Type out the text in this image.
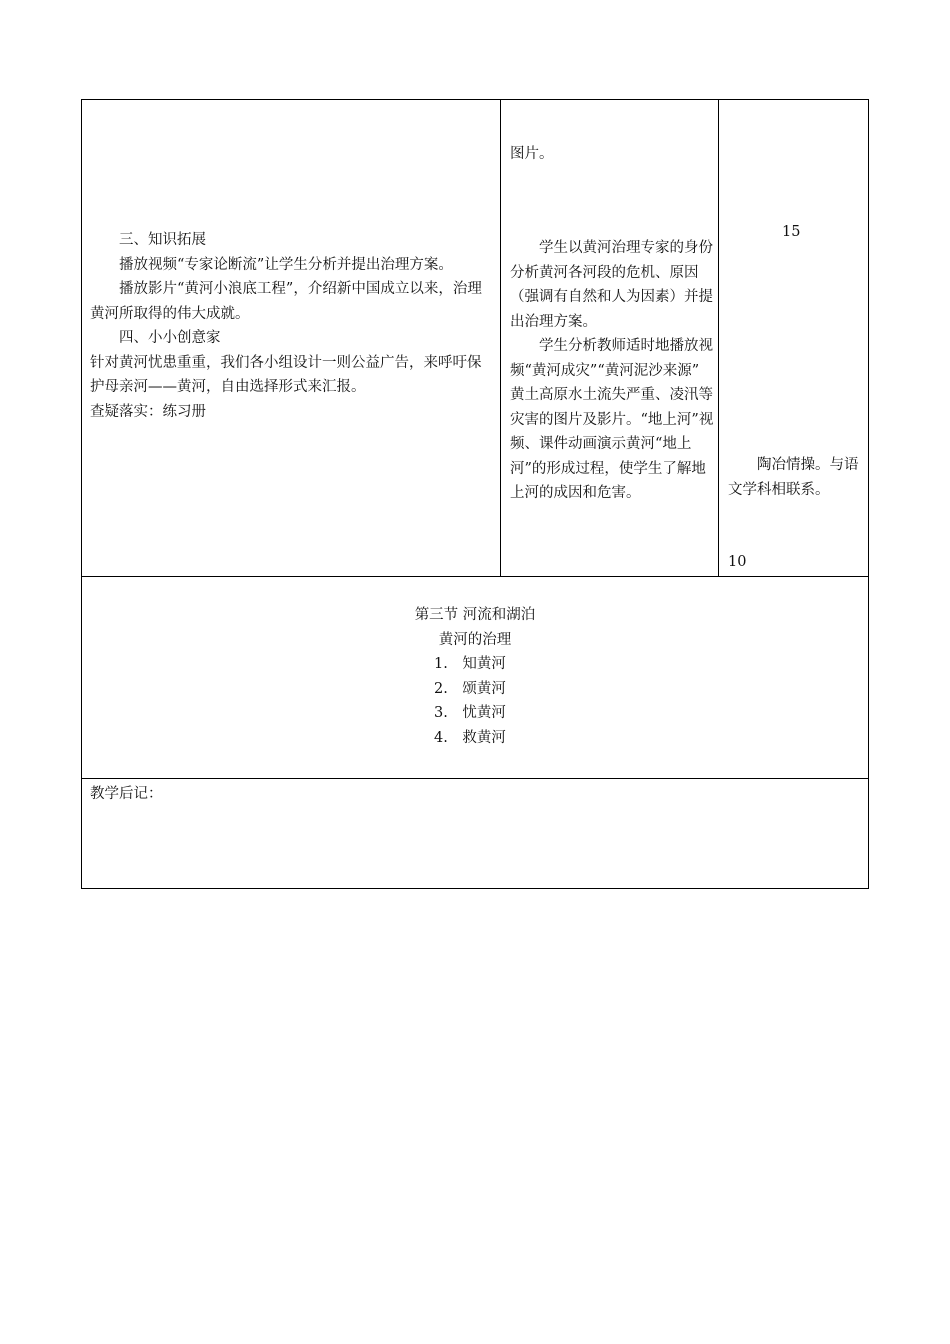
三、知识拓展

播放视频“专家论断流”让学生分析并提出治理方案。

播放影片“黄河小浪底工程”，介绍新中国成立以来，治理黄河所取得的伟大成就。

四、小小创意家

针对黄河忧患重重，我们各小组设计一则公益广告，来呼吁保护母亲河——黄河，自由选择形式来汇报。

查疑落实：练习册

图片。

学生以黄河治理专家的身份分析黄河各河段的危机、原因（强调有自然和人为因素）并提出治理方案。

学生分析教师适时地播放视频“黄河成灾”“黄河泥沙来源” 黄土高原水土流失严重、凌汛等灾害的图片及影片。“地上河”视频、课件动画演示黄河“地上河”的形成过程，使学生了解地上河的成因和危害。

15

陶冶情操。与语文学科相联系。

10

第三节 河流和湖泊

黄河的治理

1.　知黄河

2.　颂黄河

3.　忧黄河

4.　救黄河

教学后记：
